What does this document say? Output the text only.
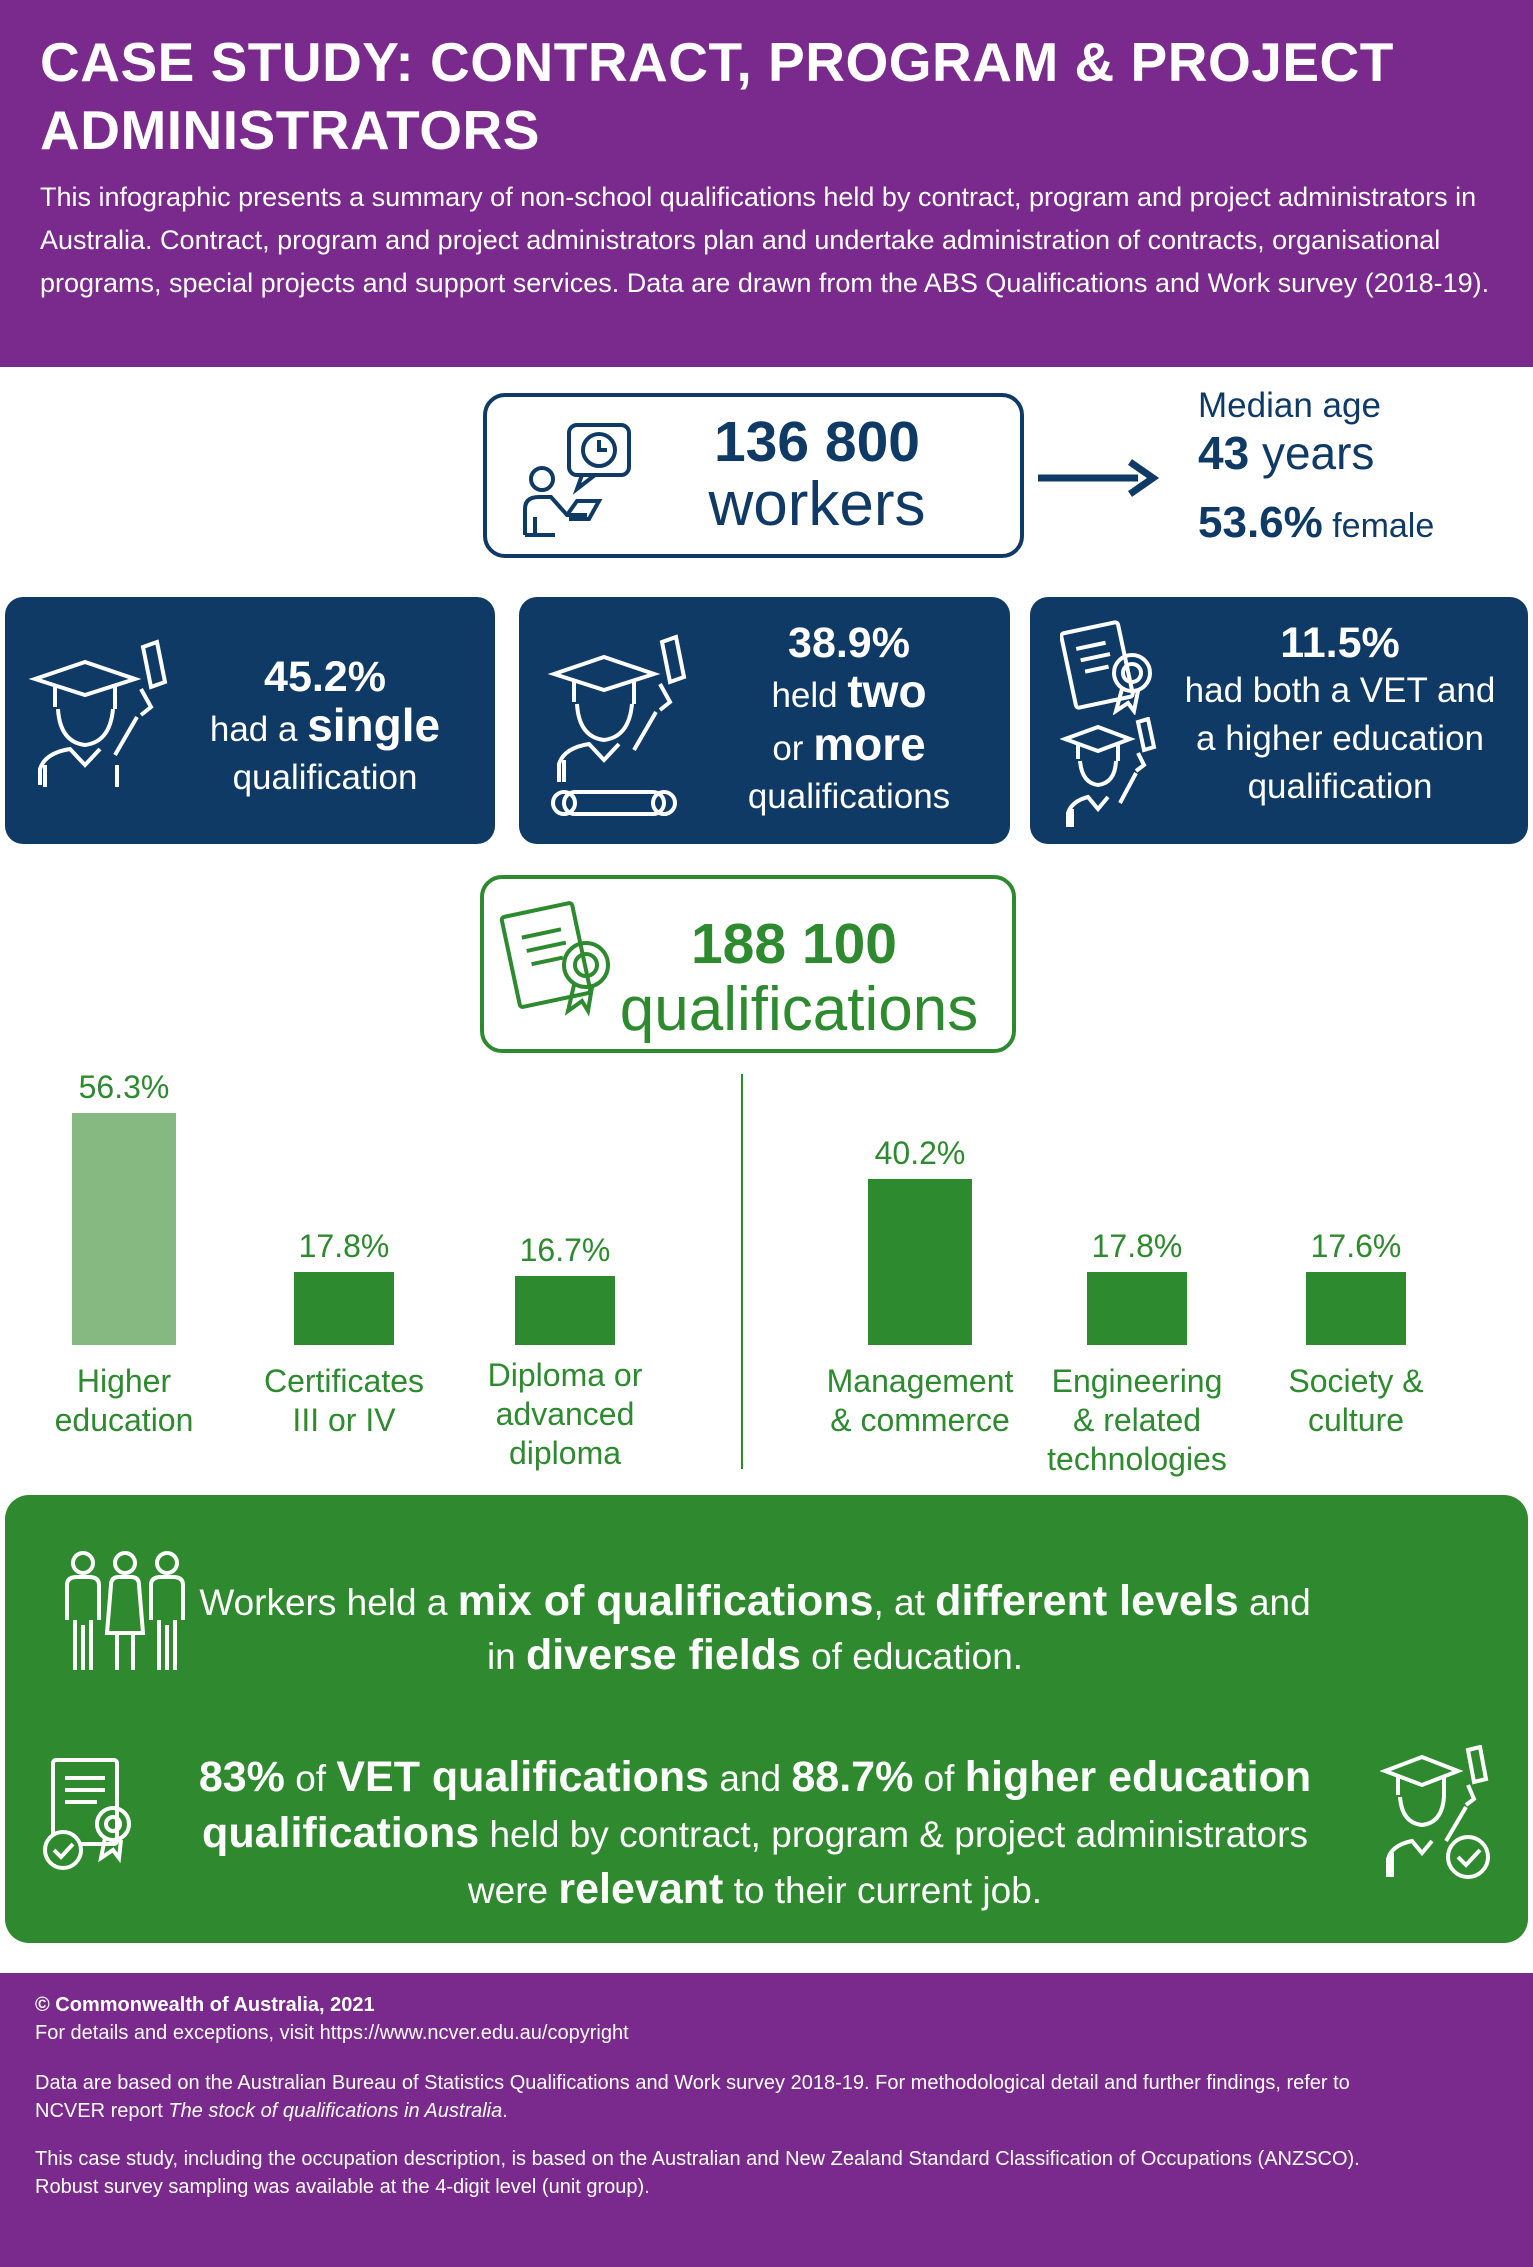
CASE STUDY: CONTRACT, PROGRAM & PROJECT ADMINISTRATORS
This infographic presents a summary of non-school qualifications held by contract, program and project administrators in Australia. Contract, program and project administrators plan and undertake administration of contracts, organisational programs, special projects and support services. Data are drawn from the ABS Qualifications and Work survey (2018-19).
136 800
workers
Median age
43 years
53.6% female
45.2%
had a single
qualification
38.9%
held two
or more
qualifications
11.5%
had both a VET and
a higher education
qualification
188 100
qualifications
56.3%
Higher
education
17.8%
Certificates
III or IV
16.7%
Diploma or
advanced
diploma
40.2%
Management
& commerce
17.8%
Engineering
& related
technologies
17.6%
Society &
culture
Workers held a mix of qualifications, at different levels and
in diverse fields of education.
83% of VET qualifications and 88.7% of higher education
qualifications held by contract, program & project administrators
were relevant to their current job.
© Commonwealth of Australia, 2021
For details and exceptions, visit https://www.ncver.edu.au/copyright
Data are based on the Australian Bureau of Statistics Qualifications and Work survey 2018-19. For methodological detail and further findings, refer to
NCVER report The stock of qualifications in Australia.
This case study, including the occupation description, is based on the Australian and New Zealand Standard Classification of Occupations (ANZSCO).
Robust survey sampling was available at the 4-digit level (unit group).
